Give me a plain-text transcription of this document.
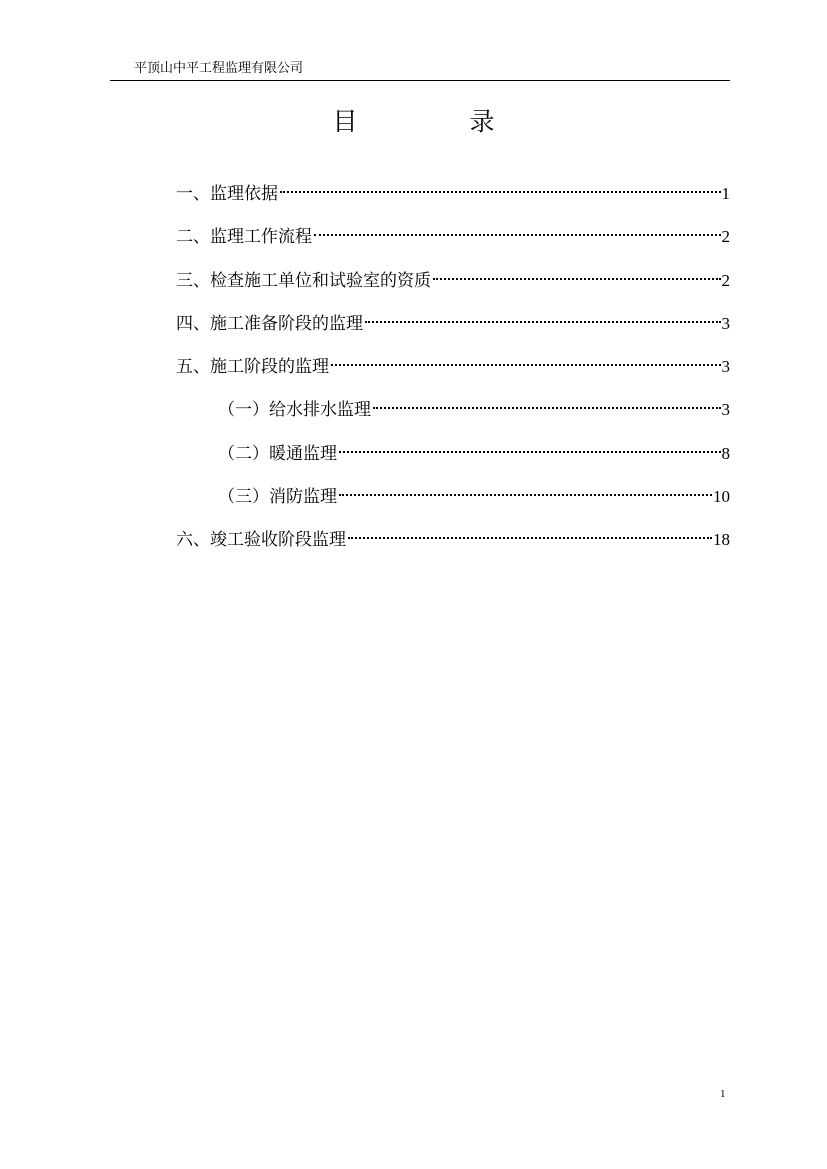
平顶山中平工程监理有限公司
目	录
一、监理依据	1
二、监理工作流程	2
三、检查施工单位和试验室的资质	2
四、施工准备阶段的监理	3
五、施工阶段的监理	3
（一）给水排水监理	3
（二）暖通监理	8
（三）消防监理	10
六、竣工验收阶段监理	18
1
